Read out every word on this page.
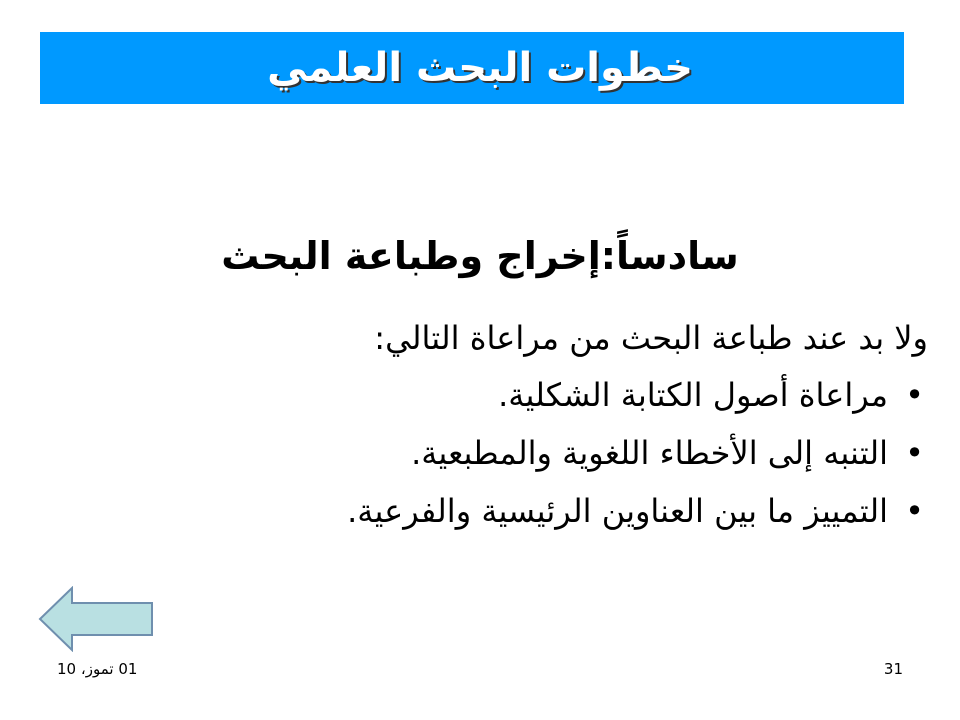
خطوات البحث العلمي
سادساً:إخراج وطباعة البحث

ولا بد عند طباعة البحث من مراعاة التالي:

•
مراعاة أصول الكتابة الشكلية.
•
التنبه إلى الأخطاء اللغوية والمطبعية.
•
التمييز ما بين العناوين الرئيسية والفرعية.
01 تموز، 10	31
